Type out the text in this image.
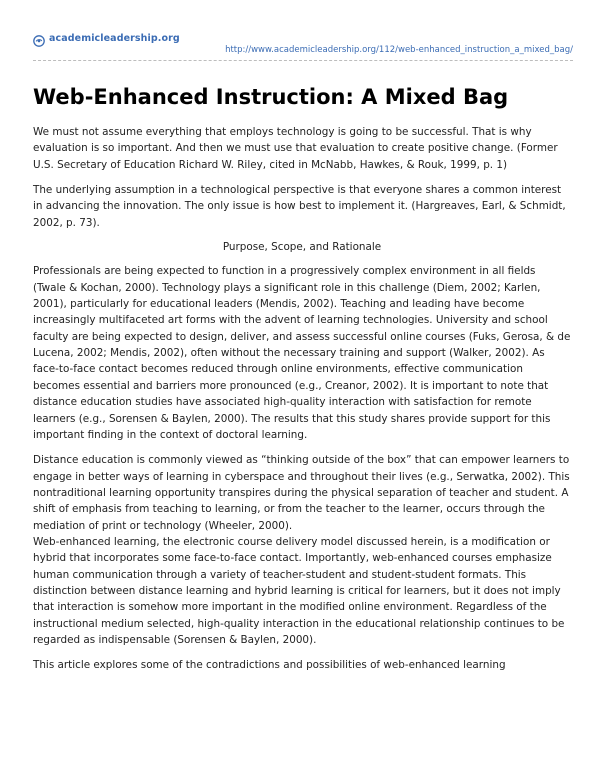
academicleadership.org
http://www.academicleadership.org/112/web-enhanced_instruction_a_mixed_bag/
Web-Enhanced Instruction: A Mixed Bag

We must not assume everything that employs technology is going to be successful. That is why evaluation is so important. And then we must use that evaluation to create positive change. (Former U.S. Secretary of Education Richard W. Riley, cited in McNabb, Hawkes, & Rouk, 1999, p. 1)

The underlying assumption in a technological perspective is that everyone shares a common interest in advancing the innovation. The only issue is how best to implement it. (Hargreaves, Earl, & Schmidt, 2002, p. 73).

Purpose, Scope, and Rationale

Professionals are being expected to function in a progressively complex environment in all fields (Twale & Kochan, 2000). Technology plays a significant role in this challenge (Diem, 2002; Karlen, 2001), particularly for educational leaders (Mendis, 2002). Teaching and leading have become increasingly multifaceted art forms with the advent of learning technologies. University and school faculty are being expected to design, deliver, and assess successful online courses (Fuks, Gerosa, & de Lucena, 2002; Mendis, 2002), often without the necessary training and support (Walker, 2002). As face-to-face contact becomes reduced through online environments, effective communication becomes essential and barriers more pronounced (e.g., Creanor, 2002). It is important to note that distance education studies have associated high-quality interaction with satisfaction for remote learners (e.g., Sorensen & Baylen, 2000). The results that this study shares provide support for this important finding in the context of doctoral learning.

Distance education is commonly viewed as “thinking outside of the box” that can empower learners to engage in better ways of learning in cyberspace and throughout their lives (e.g., Serwatka, 2002). This nontraditional learning opportunity transpires during the physical separation of teacher and student. A shift of emphasis from teaching to learning, or from the teacher to the learner, occurs through the mediation of print or technology (Wheeler, 2000).

Web-enhanced learning, the electronic course delivery model discussed herein, is a modification or hybrid that incorporates some face-to-face contact. Importantly, web-enhanced courses emphasize human communication through a variety of teacher-student and student-student formats. This distinction between distance learning and hybrid learning is critical for learners, but it does not imply that interaction is somehow more important in the modified online environment. Regardless of the instructional medium selected, high-quality interaction in the educational relationship continues to be regarded as indispensable (Sorensen & Baylen, 2000).

This article explores some of the contradictions and possibilities of web-enhanced learning
